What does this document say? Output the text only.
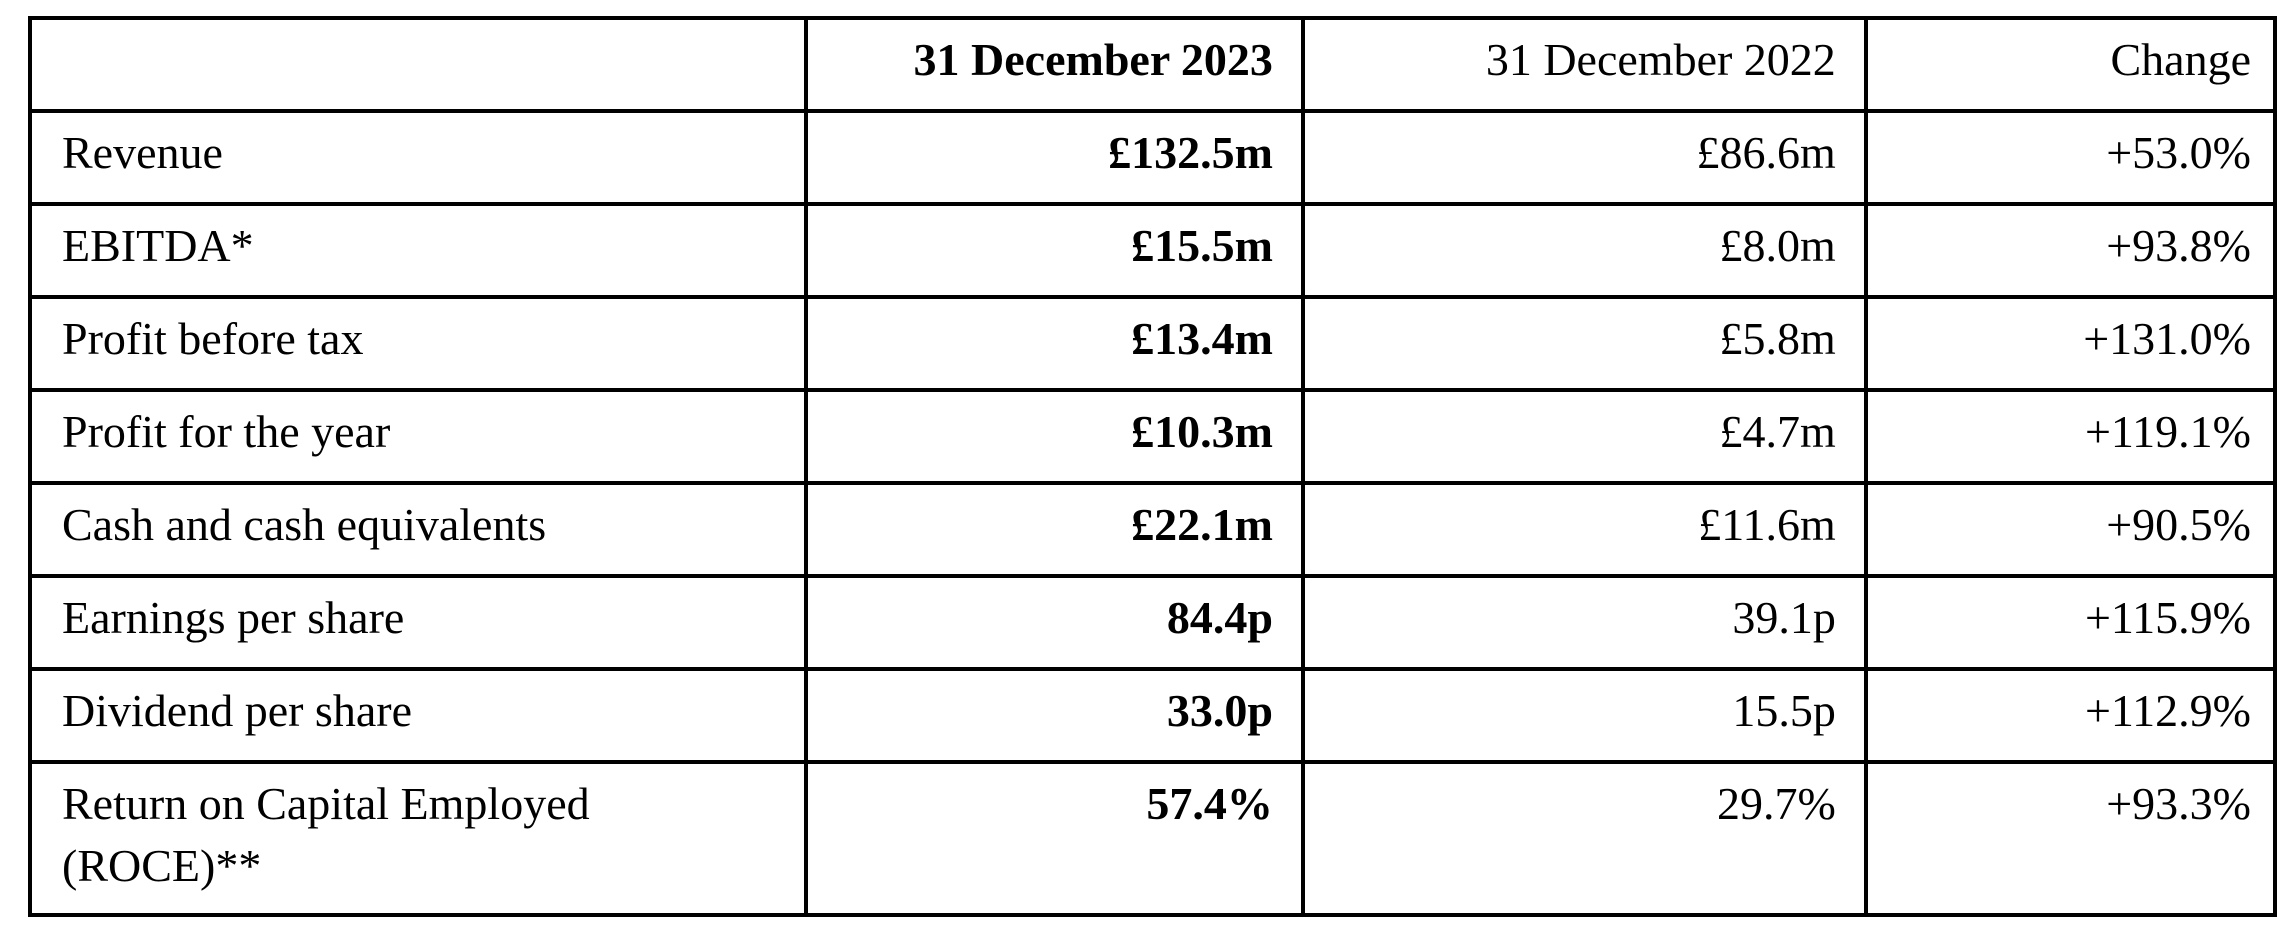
	31 December 2023	31 December 2022	Change
Revenue	£132.5m	£86.6m	+53.0%
EBITDA*	£15.5m	£8.0m	+93.8%
Profit before tax	£13.4m	£5.8m	+131.0%
Profit for the year	£10.3m	£4.7m	+119.1%
Cash and cash equivalents	£22.1m	£11.6m	+90.5%
Earnings per share	84.4p	39.1p	+115.9%
Dividend per share	33.0p	15.5p	+112.9%

Return on Capital Employed
(ROCE)**	57.4%	29.7%	+93.3%
